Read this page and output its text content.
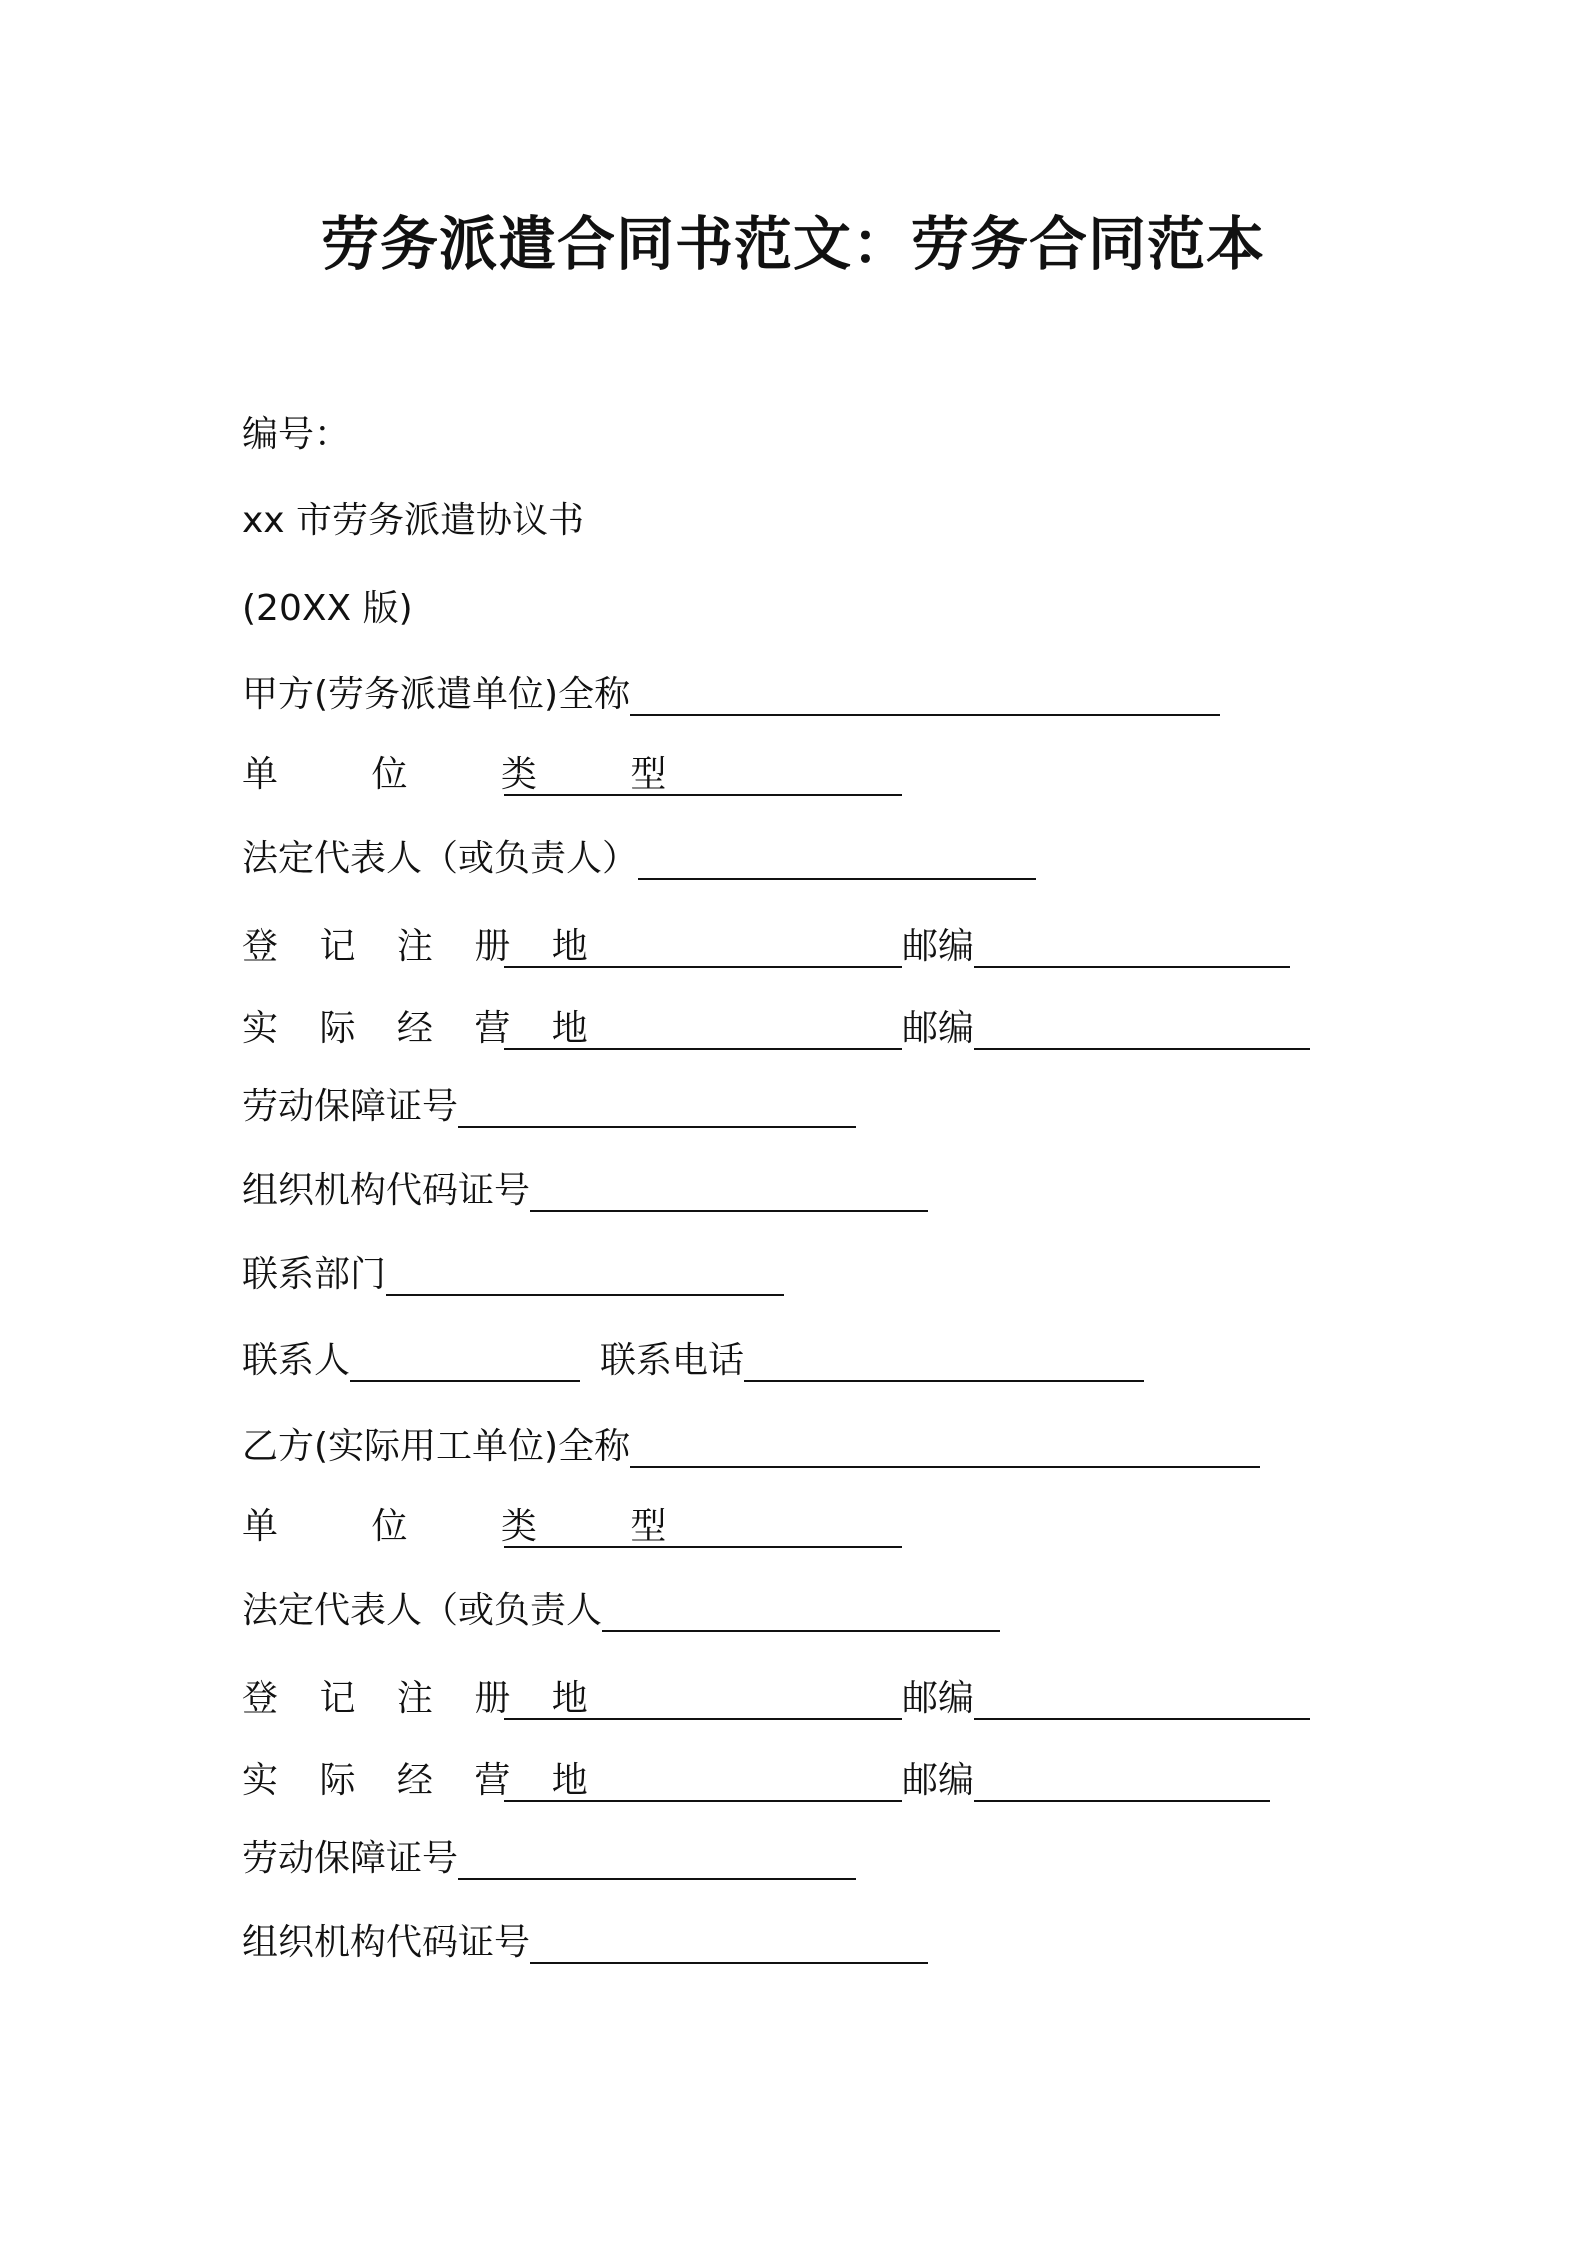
劳务派遣合同书范文：劳务合同范本
编号：
xx 市劳务派遣协议书
(20XX 版)
甲方(劳务派遣单位)全称
单 位 类 型
法定代表人（或负责人）
登 记 注 册 地	邮编
实 际 经 营 地	邮编
劳动保障证号
组织机构代码证号
联系部门
联系人	联系电话
乙方(实际用工单位)全称
单 位 类 型
法定代表人（或负责人
登 记 注 册 地	邮编
实 际 经 营 地	邮编
劳动保障证号
组织机构代码证号
